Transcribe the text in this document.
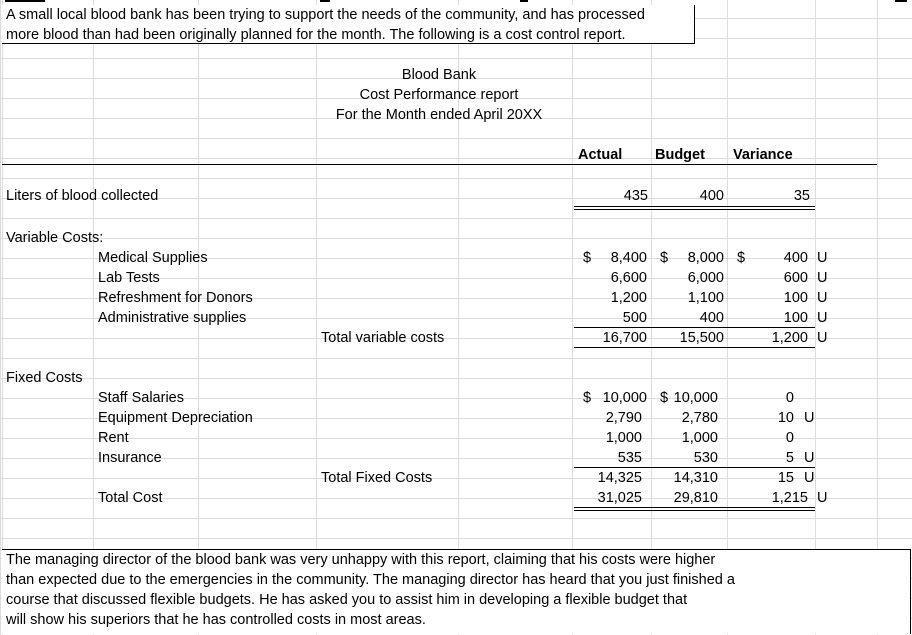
A small local blood bank has been trying to support the needs of the community, and has processed
more blood than had been originally planned for the month. The following is a cost control report.
Blood Bank
Cost Performance report
For the Month ended April 20XX
Actual Budget Variance
Liters of blood collected	435	400	35
Variable Costs:
Medical Supplies	$	8,400 $	8,000 $	400 U
Lab Tests	6,600	6,000	600 U
Refreshment for Donors	1,200	1,100	100 U
Administrative supplies	500	400	100 U
Total variable costs	16,700	15,500	1,200 U
Fixed Costs
Staff Salaries	$ 10,000 $ 10,000	0
Equipment Depreciation	2,790	2,780	10 U
Rent	1,000	1,000	0
Insurance	535	530	5 U
Total Fixed Costs	14,325	14,310	15 U
Total Cost	31,025	29,810	1,215 U
The managing director of the blood bank was very unhappy with this report, claiming that his costs were higher
than expected due to the emergencies in the community. The managing director has heard that you just finished a
course that discussed flexible budgets. He has asked you to assist him in developing a flexible budget that
will show his superiors that he has controlled costs in most areas.
